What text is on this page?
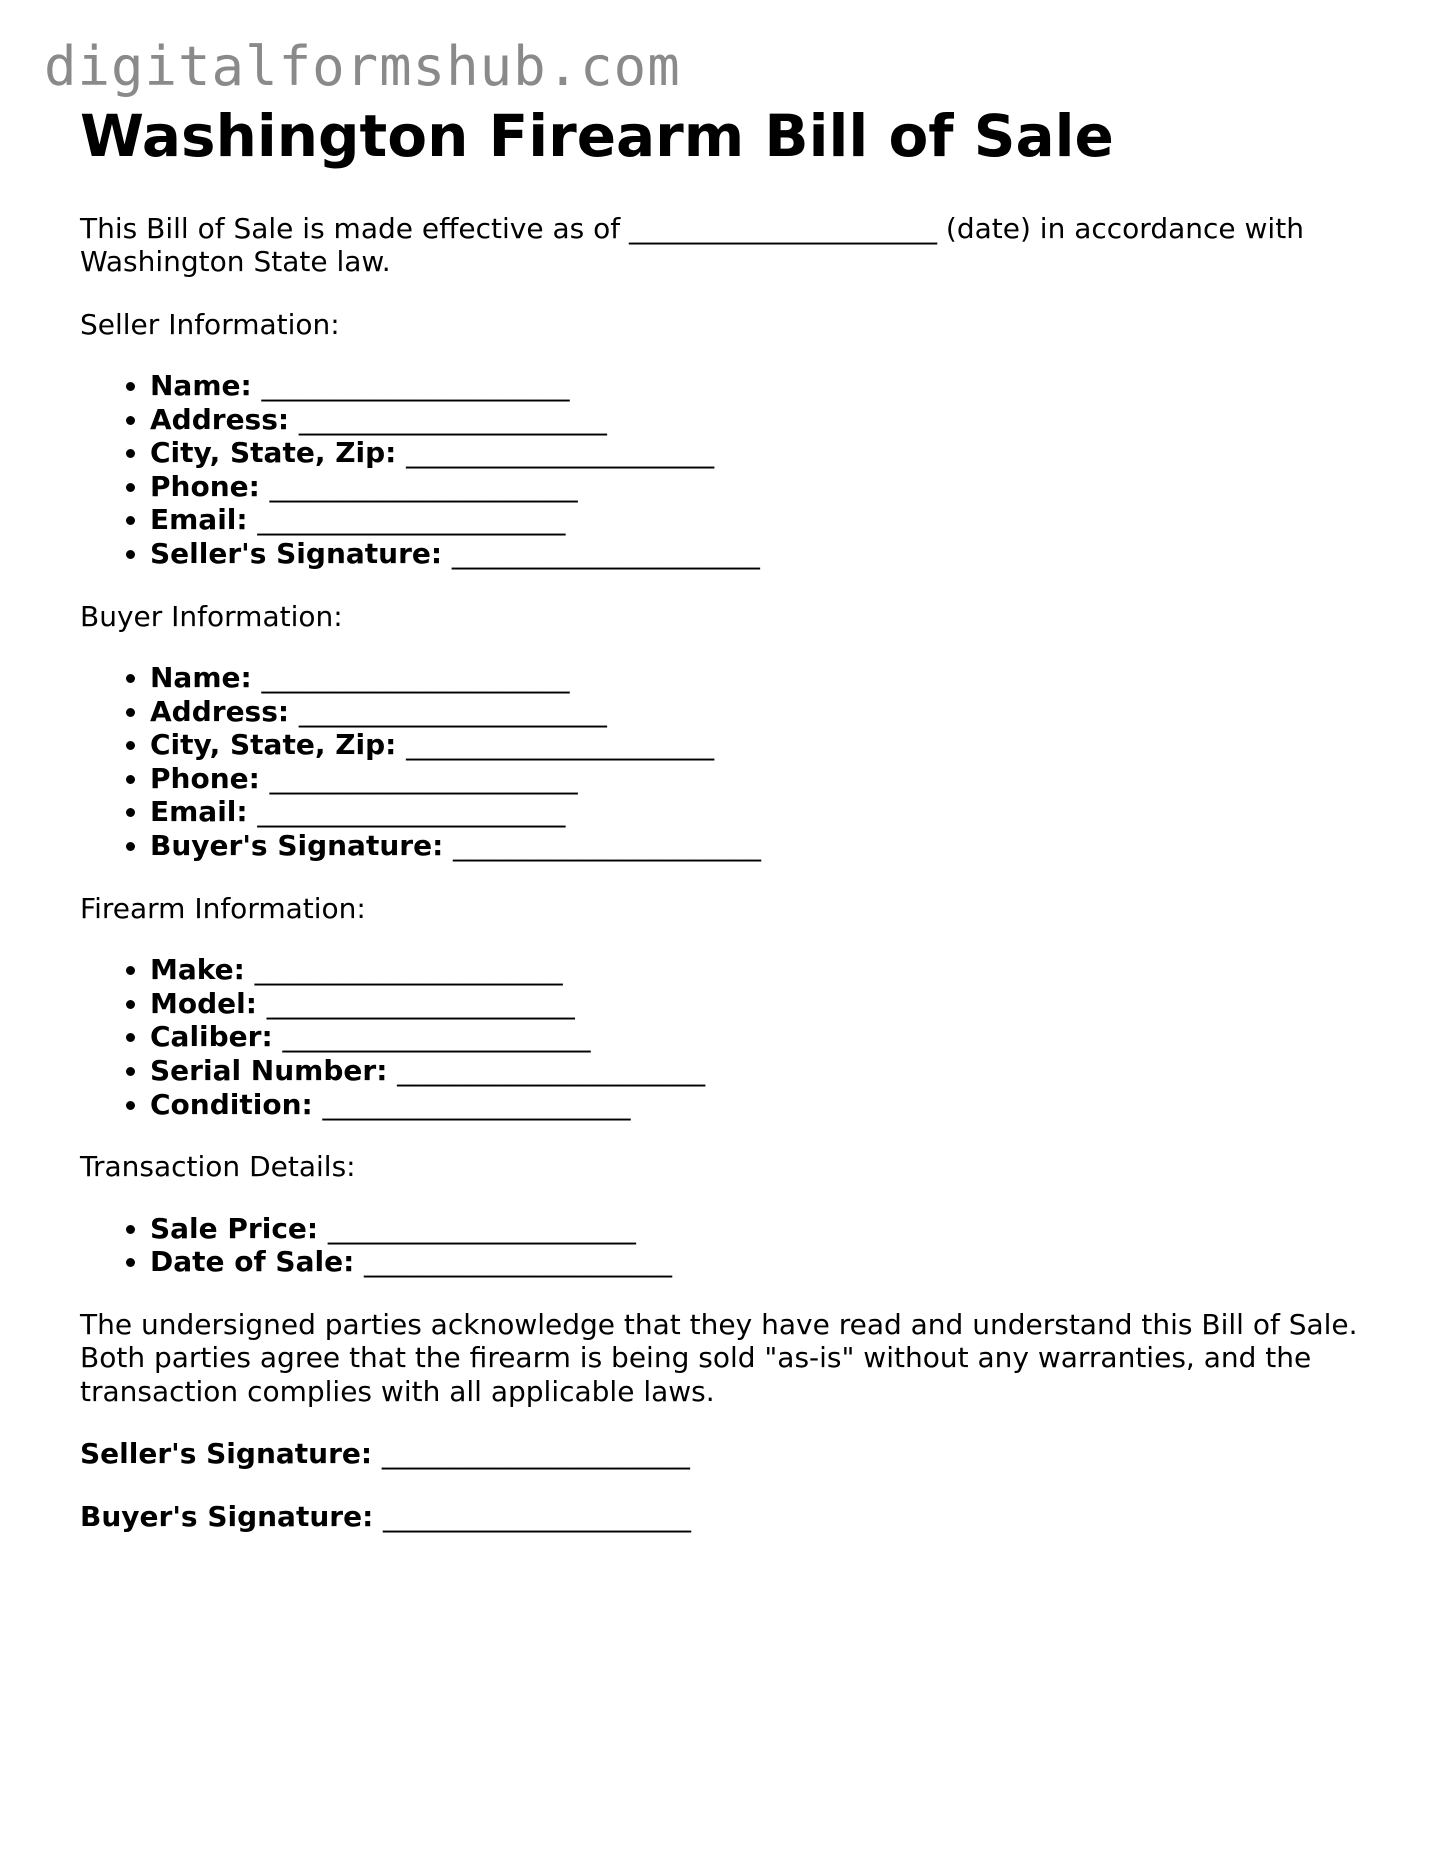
digitalformshub.com
Washington Firearm Bill of Sale

This Bill of Sale is made effective as of ______________________ (date) in accordance with Washington State law.

Seller Information:

• Name: ______________________
• Address: ______________________
• City, State, Zip: ______________________
• Phone: ______________________
• Email: ______________________
• Seller's Signature: ______________________

Buyer Information:

• Name: ______________________
• Address: ______________________
• City, State, Zip: ______________________
• Phone: ______________________
• Email: ______________________
• Buyer's Signature: ______________________

Firearm Information:

• Make: ______________________
• Model: ______________________
• Caliber: ______________________
• Serial Number: ______________________
• Condition: ______________________

Transaction Details:

• Sale Price: ______________________
• Date of Sale: ______________________

The undersigned parties acknowledge that they have read and understand this Bill of Sale. Both parties agree that the firearm is being sold "as-is" without any warranties, and the transaction complies with all applicable laws.

Seller's Signature: ______________________

Buyer's Signature: ______________________
